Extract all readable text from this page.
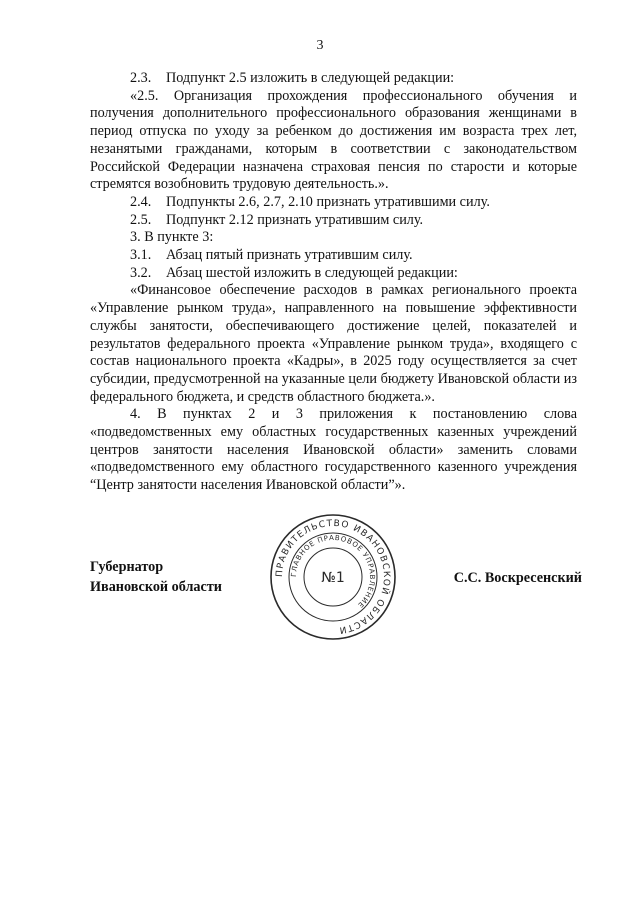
3

2.3. Подпункт 2.5 изложить в следующей редакции:

«2.5. Организация прохождения профессионального обучения и получения дополнительного профессионального образования женщинами в период отпуска по уходу за ребенком до достижения им возраста трех лет, незанятыми гражданами, которым в соответствии с законодательством Российской Федерации назначена страховая пенсия по старости и которые стремятся возобновить трудовую деятельность.».

2.4. Подпункты 2.6, 2.7, 2.10 признать утратившими силу.

2.5. Подпункт 2.12 признать утратившим силу.

3. В пункте 3:

3.1. Абзац пятый признать утратившим силу.

3.2. Абзац шестой изложить в следующей редакции:

«Финансовое обеспечение расходов в рамках регионального проекта «Управление рынком труда», направленного на повышение эффективности службы занятости, обеспечивающего достижение целей, показателей и результатов федерального проекта «Управление рынком труда», входящего с состав национального проекта «Кадры», в 2025 году осуществляется за счет субсидии, предусмотренной на указанные цели бюджету Ивановской области из федерального бюджета, и средств областного бюджета.».

4. В пунктах 2 и 3 приложения к постановлению слова «подведомственных ему областных государственных казенных учреждений центров занятости населения Ивановской области» заменить словами «подведомственного ему областного государственного казенного учреждения “Центр занятости населения Ивановской области”».

Губернатор
Ивановской области
ПРАВИТЕЛЬСТВО ИВАНОВСКОЙ ОБЛАСТИ
ГЛАВНОЕ ПРАВОВОЕ УПРАВЛЕНИЕ
№1	С.С. Воскресенский
